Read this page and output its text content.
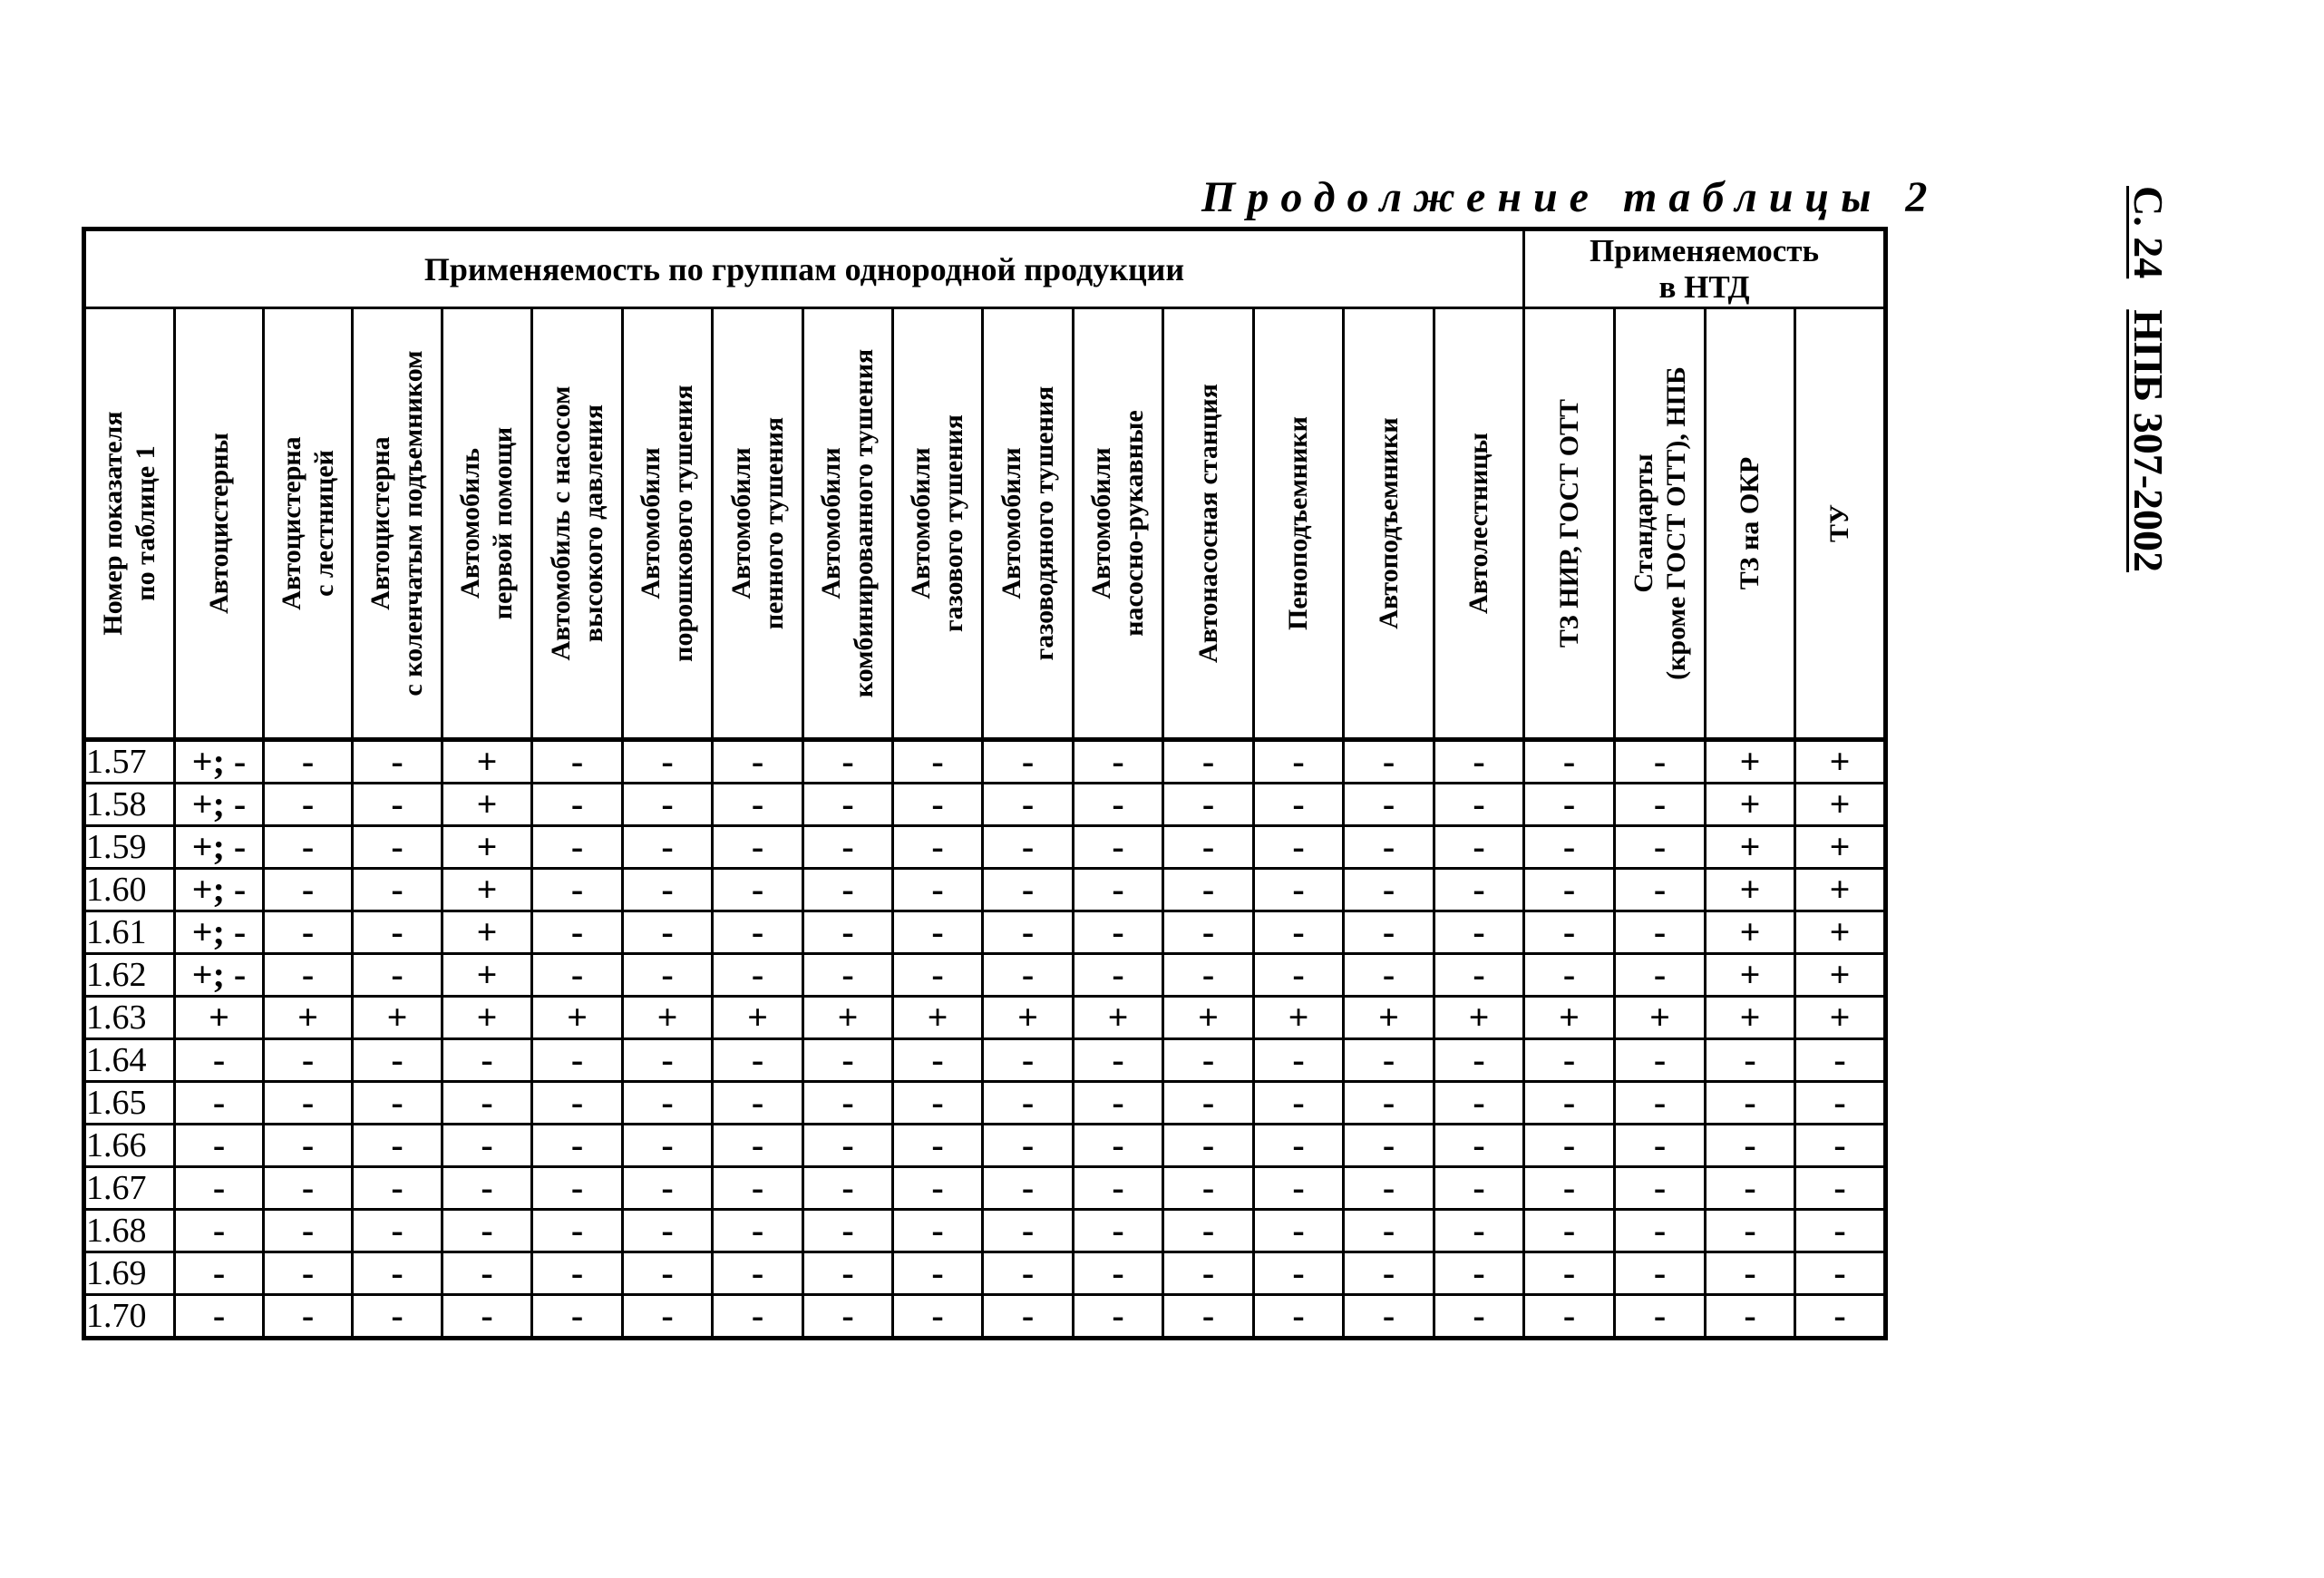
Продолжение таблицы 2	С. 24
НПБ 307-2002
Применяемость по группам однородной продукции																Применяемость
в НТД			

Номер показателя по таблице 1	Автоцистерны	Автоцистерна с лестницей	Автоцистерна с коленчатым подъемником	Автомобиль первой помощи	Автомобиль с насосом высокого давления	Автомобили порошкового тушения	Автомобили пенного тушения	Автомобили комбинированного тушения	Автомобили газового тушения	Автомобили газоводяного тушения	Автомобили насосно-рукавные	Автонасосная станция	Пеноподъемники	Автоподъемники	Автолестницы	ТЗ НИР, ГОСТ ОТТ	Стандарты (кроме ГОСТ ОТТ), НПБ	ТЗ на ОКР	ТУ

1.57	+; -	-	-	+	-	-	-	-	-	-	-	-	-	-	-	-	-	+	+
1.58	+; -	-	-	+	-	-	-	-	-	-	-	-	-	-	-	-	-	+	+
1.59	+; -	-	-	+	-	-	-	-	-	-	-	-	-	-	-	-	-	+	+
1.60	+; -	-	-	+	-	-	-	-	-	-	-	-	-	-	-	-	-	+	+
1.61	+; -	-	-	+	-	-	-	-	-	-	-	-	-	-	-	-	-	+	+
1.62	+; -	-	-	+	-	-	-	-	-	-	-	-	-	-	-	-	-	+	+
1.63	+	+	+	+	+	+	+	+	+	+	+	+	+	+	+	+	+	+	+
1.64	-	-	-	-	-	-	-	-	-	-	-	-	-	-	-	-	-	-	-
1.65	-	-	-	-	-	-	-	-	-	-	-	-	-	-	-	-	-	-	-
1.66	-	-	-	-	-	-	-	-	-	-	-	-	-	-	-	-	-	-	-
1.67	-	-	-	-	-	-	-	-	-	-	-	-	-	-	-	-	-	-	-
1.68	-	-	-	-	-	-	-	-	-	-	-	-	-	-	-	-	-	-	-
1.69	-	-	-	-	-	-	-	-	-	-	-	-	-	-	-	-	-	-	-
1.70	-	-	-	-	-	-	-	-	-	-	-	-	-	-	-	-	-	-	-
